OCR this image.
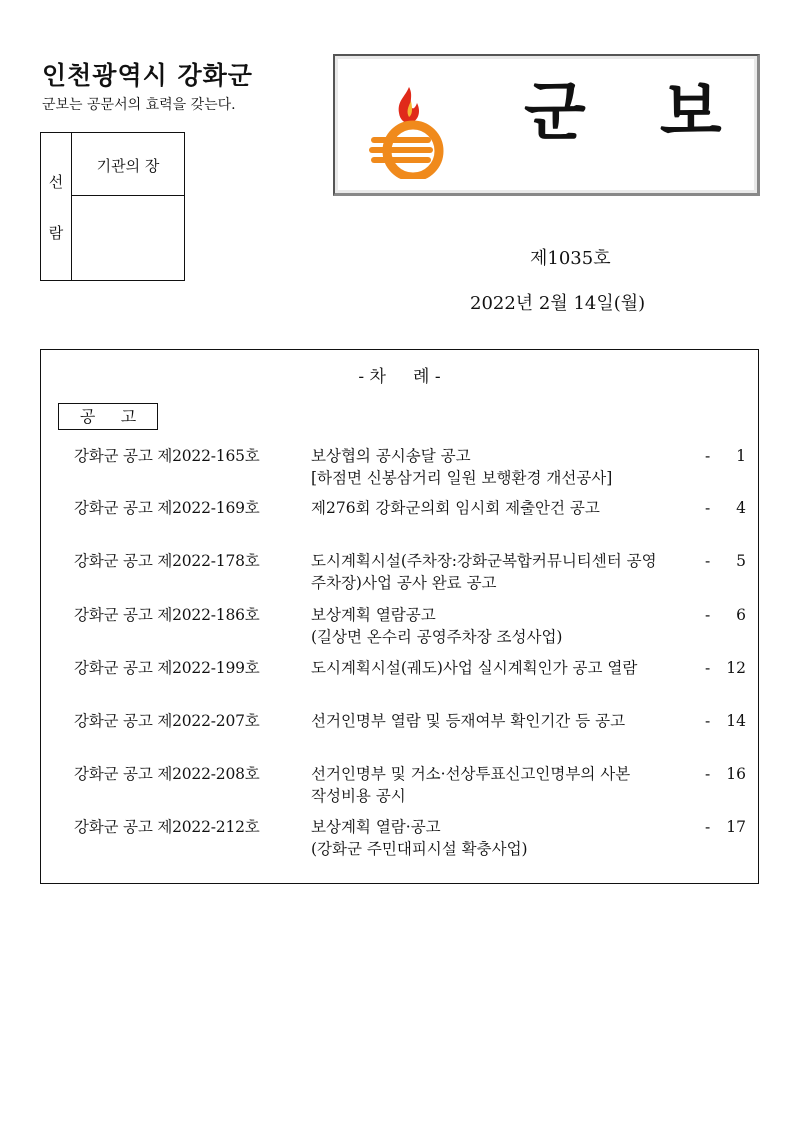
인천광역시 강화군
군보는 공문서의 효력을 갖는다.
선
람
기관의 장
군보
제1035호
2022년 2월 14일(월)
- 차     례 -
공     고
강화군 공고 제2022-165호	보상협의 공시송달 공고
[하점면 신봉삼거리 일원 보행환경 개선공사]
- 1
강화군 공고 제2022-169호	제276회 강화군의회 임시회 제출안건 공고	- 4
강화군 공고 제2022-178호	도시계획시설(주차장:강화군복합커뮤니티센터 공영
주차장)사업 공사 완료 공고
- 5
강화군 공고 제2022-186호	보상계획 열람공고
(길상면 온수리 공영주차장 조성사업)
- 6
강화군 공고 제2022-199호	도시계획시설(궤도)사업 실시계획인가 공고 열람	- 12
강화군 공고 제2022-207호	선거인명부 열람 및 등재여부 확인기간 등 공고	- 14
강화군 공고 제2022-208호	선거인명부 및 거소·선상투표신고인명부의 사본
작성비용 공시
- 16
강화군 공고 제2022-212호	보상계획 열람·공고
(강화군 주민대피시설 확충사업)
- 17
